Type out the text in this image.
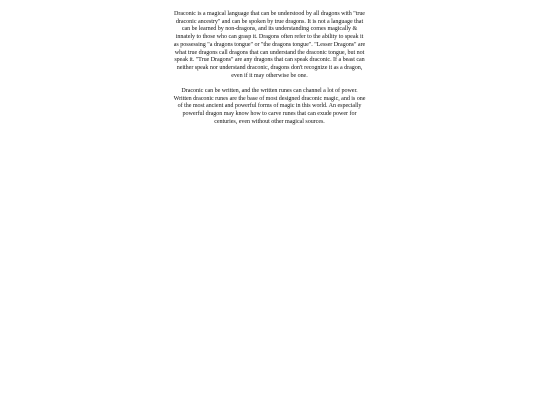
Draconic is a magical language that can be understood by all dragons with "true draconic ancestry" and can be spoken by true dragons. It is not a language that can be learned by non-dragons, and its understanding comes magically & innately to those who can grasp it. Dragons often refer to the ability to speak it as possessing "a dragons tongue" or "the dragons tongue". "Lesser Dragons" are what true dragons call dragons that can understand the draconic tongue, but not speak it. "True Dragons" are any dragons that can speak draconic. If a beast can neither speak nor understand draconic, dragons don't recognize it as a dragon, even if it may otherwise be one.

Draconic can be written, and the written runes can channel a lot of power. Written draconic runes are the base of most designed draconic magic, and is one of the most ancient and powerful forms of magic in this world. An especially powerful dragon may know how to carve runes that can exude power for centuries, even without other magical sources.
